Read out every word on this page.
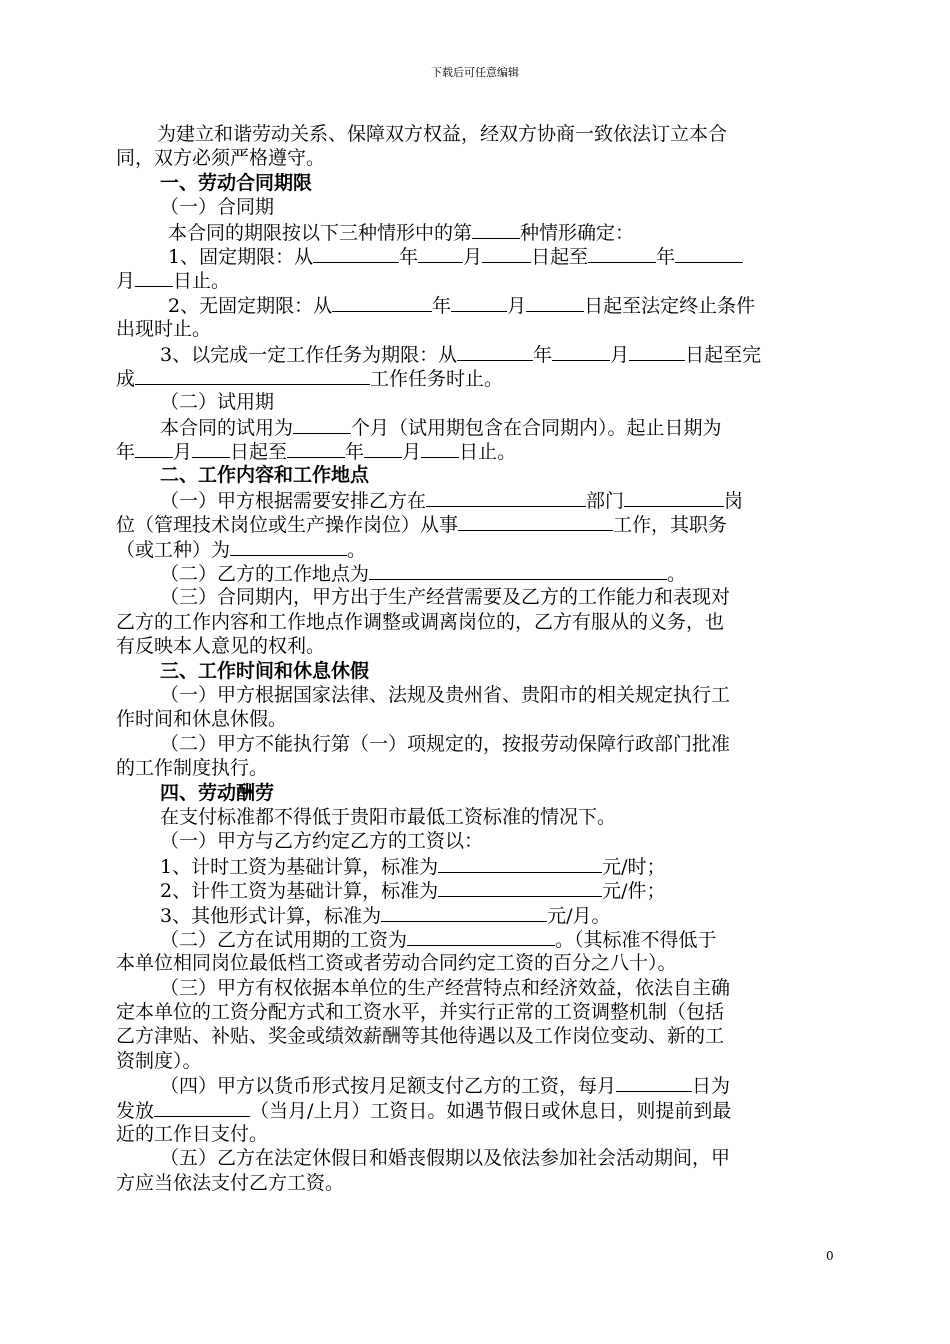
下载后可任意编辑
为建立和谐劳动关系、保障双方权益，经双方协商一致依法订立本合
同，双方必须严格遵守。
一、劳动合同期限
（一）合同期
本合同的期限按以下三种情形中的第	种情形确定：
1、固定期限：从	年 月	日起至	年
月 日止。
2、无固定期限：从	年	月	日起至法定终止条件
出现时止。
3、以完成一定工作任务为期限：从	年	月	日起至完
成	工作任务时止。
（二）试用期
本合同的试用为	个月（试用期包含在合同期内）。起止日期为
年 月 日起至	年 月 日止。
二、工作内容和工作地点
（一）甲方根据需要安排乙方在	部门	岗
位（管理技术岗位或生产操作岗位）从事	工作，其职务
（或工种）为	。
（二）乙方的工作地点为	。
（三）合同期内，甲方出于生产经营需要及乙方的工作能力和表现对
乙方的工作内容和工作地点作调整或调离岗位的，乙方有服从的义务，也
有反映本人意见的权利。
三、工作时间和休息休假
（一）甲方根据国家法律、法规及贵州省、贵阳市的相关规定执行工
作时间和休息休假。
（二）甲方不能执行第（一）项规定的，按报劳动保障行政部门批准
的工作制度执行。
四、劳动酬劳
在支付标准都不得低于贵阳市最低工资标准的情况下。
（一）甲方与乙方约定乙方的工资以：
1、计时工资为基础计算，标准为	元/时；
2、计件工资为基础计算，标准为	元/件；
3、其他形式计算，标准为	元/月。
（二）乙方在试用期的工资为	。（其标准不得低于
本单位相同岗位最低档工资或者劳动合同约定工资的百分之八十）。
（三）甲方有权依据本单位的生产经营特点和经济效益，依法自主确
定本单位的工资分配方式和工资水平，并实行正常的工资调整机制（包括
乙方津贴、补贴、奖金或绩效薪酬等其他待遇以及工作岗位变动、新的工
资制度）。
（四）甲方以货币形式按月足额支付乙方的工资，每月	日为
发放	（当月/上月）工资日。如遇节假日或休息日，则提前到最
近的工作日支付。
（五）乙方在法定休假日和婚丧假期以及依法参加社会活动期间，甲
方应当依法支付乙方工资。
0
